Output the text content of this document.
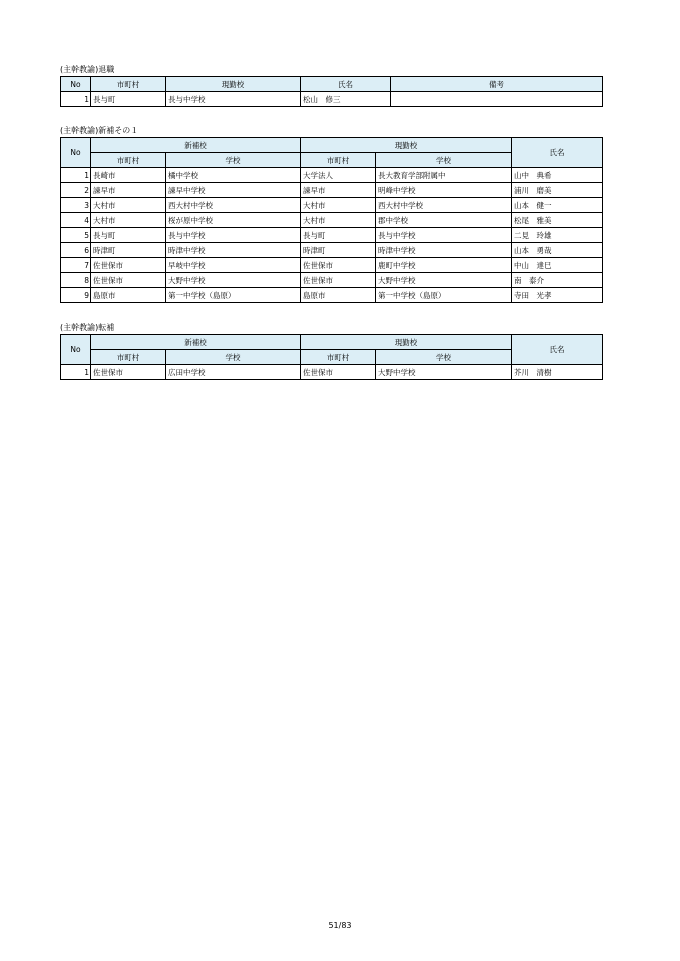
(主幹教諭)退職
No	市町村	現勤校	氏名	備考
1	長与町	長与中学校	松山　修三	
(主幹教諭)新補その１
No	新補校		現勤校		氏名
	市町村	学校	市町村	学校	
1	長崎市	橘中学校	大学法人	長大教育学部附属中	山中　典希
2	諫早市	諫早中学校	諫早市	明峰中学校	浦川　磨美
3	大村市	西大村中学校	大村市	西大村中学校	山本　健一
4	大村市	桜が原中学校	大村市	郡中学校	松尾　雅美
5	長与町	長与中学校	長与町	長与中学校	二見　玲雄
6	時津町	時津中学校	時津町	時津中学校	山本　勇哉
7	佐世保市	早岐中学校	佐世保市	鹿町中学校	中山　達巳
8	佐世保市	大野中学校	佐世保市	大野中学校	南　泰介
9	島原市	第一中学校（島原）	島原市	第一中学校（島原）	寺田　光孝
(主幹教諭)転補
No	新補校		現勤校		氏名
	市町村	学校	市町村	学校	
1	佐世保市	広田中学校	佐世保市	大野中学校	芥川　清樹
51/83
